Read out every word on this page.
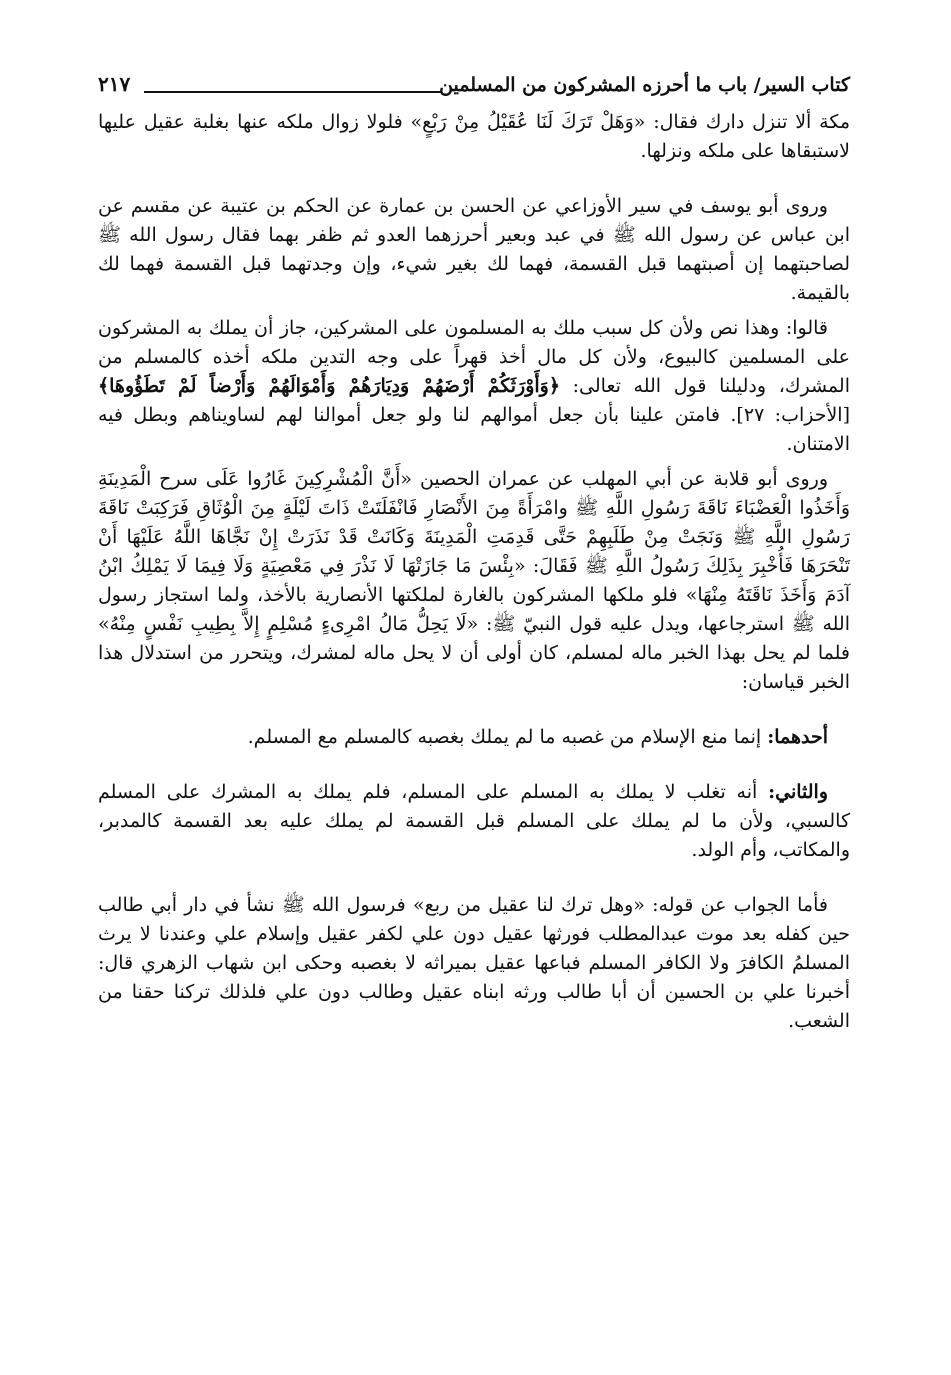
كتاب السير/ باب ما أحرزه المشركون من المسلمين
٢١٧

مكة ألا تنزل دارك فقال: «وَهَلْ تَرَكَ لَنَا عُقَيْلُ مِنْ رَبْعٍ» فلولا زوال ملكه عنها بغلبة عقيل عليها لاستبقاها على ملكه ونزلها.

وروى أبو يوسف في سير الأوزاعي عن الحسن بن عمارة عن الحكم بن عتيبة عن مقسم عن ابن عباس عن رسول الله ﷺ في عبد وبعير أحرزهما العدو ثم ظفر بهما فقال رسول الله ﷺ لصاحبتهما إن أصبتهما قبل القسمة، فهما لك بغير شيء، وإن وجدتهما قبل القسمة فهما لك بالقيمة.

قالوا: وهذا نص ولأن كل سبب ملك به المسلمون على المشركين، جاز أن يملك به المشركون على المسلمين كالبيوع، ولأن كل مال أخذ قهراً على وجه التدين ملكه أخذه كالمسلم من المشرك، ودليلنا قول الله تعالى: ﴿وَأَوْرَثَكُمْ أَرْضَهُمْ وَدِيَارَهُمْ وَأَمْوَالَهُمْ وَأَرْضاً لَمْ تَطَؤُوهَا﴾ [الأحزاب: ٢٧]. فامتن علينا بأن جعل أموالهم لنا ولو جعل أموالنا لهم لساويناهم وبطل فيه الامتنان.

وروى أبو قلابة عن أبي المهلب عن عمران الحصين «أَنَّ الْمُشْرِكِينَ غَارُوا عَلَى سرح الْمَدِينَةِ وَأَخَذُوا الْعَضْبَاءَ نَاقَةَ رَسُولِ اللَّهِ ﷺ وامْرَأَةً مِنَ الأَنْصَارِ فَانْفَلَتَتْ ذَاتَ لَيْلَةٍ مِنَ الْوُثَاقِ فَرَكِبَتْ نَاقَةَ رَسُولِ اللَّهِ ﷺ وَنَجَتْ مِنْ طَلَبِهِمْ حَتَّى قَدِمَتِ الْمَدِينَةَ وَكَانَتْ قَدْ نَذَرَتْ إِنْ نَجَّاهَا اللَّهُ عَلَيْهَا أَنْ تَنْحَرَهَا فَأُخْبِرَ بِذَلِكَ رَسُولُ اللَّهِ ﷺ فَقَالَ: «بِئْسَ مَا جَازَتْهَا لَا نَذْرَ فِي مَعْصِيَةٍ وَلَا فِيمَا لَا يَمْلِكُ ابْنُ آدَمَ وَأَخَذَ نَاقَتَهُ مِنْهَا» فلو ملكها المشركون بالغارة لملكتها الأنصارية بالأخذ، ولما استجاز رسول الله ﷺ استرجاعها، ويدل عليه قول النبيّ ﷺ: «لَا يَحِلُّ مَالُ امْرِىءٍ مُسْلِمٍ إِلاَّ بِطِيبِ نَفْسٍ مِنْهُ» فلما لم يحل بهذا الخبر ماله لمسلم، كان أولى أن لا يحل ماله لمشرك، ويتحرر من استدلال هذا الخبر قياسان:

أحدهما: إنما منع الإسلام من غصبه ما لم يملك بغصبه كالمسلم مع المسلم.

والثاني: أنه تغلب لا يملك به المسلم على المسلم، فلم يملك به المشرك على المسلم كالسبي، ولأن ما لم يملك على المسلم قبل القسمة لم يملك عليه بعد القسمة كالمدبر، والمكاتب، وأم الولد.

فأما الجواب عن قوله: «وهل ترك لنا عقيل من ربع» فرسول الله ﷺ نشأ في دار أبي طالب حين كفله بعد موت عبدالمطلب فورثها عقيل دون علي لكفر عقيل وإسلام علي وعندنا لا يرث المسلمُ الكافرَ ولا الكافر المسلم فباعها عقيل بميراثه لا بغصبه وحكى ابن شهاب الزهري قال: أخبرنا علي بن الحسين أن أبا طالب ورثه ابناه عقيل وطالب دون علي فلذلك تركنا حقنا من الشعب.
